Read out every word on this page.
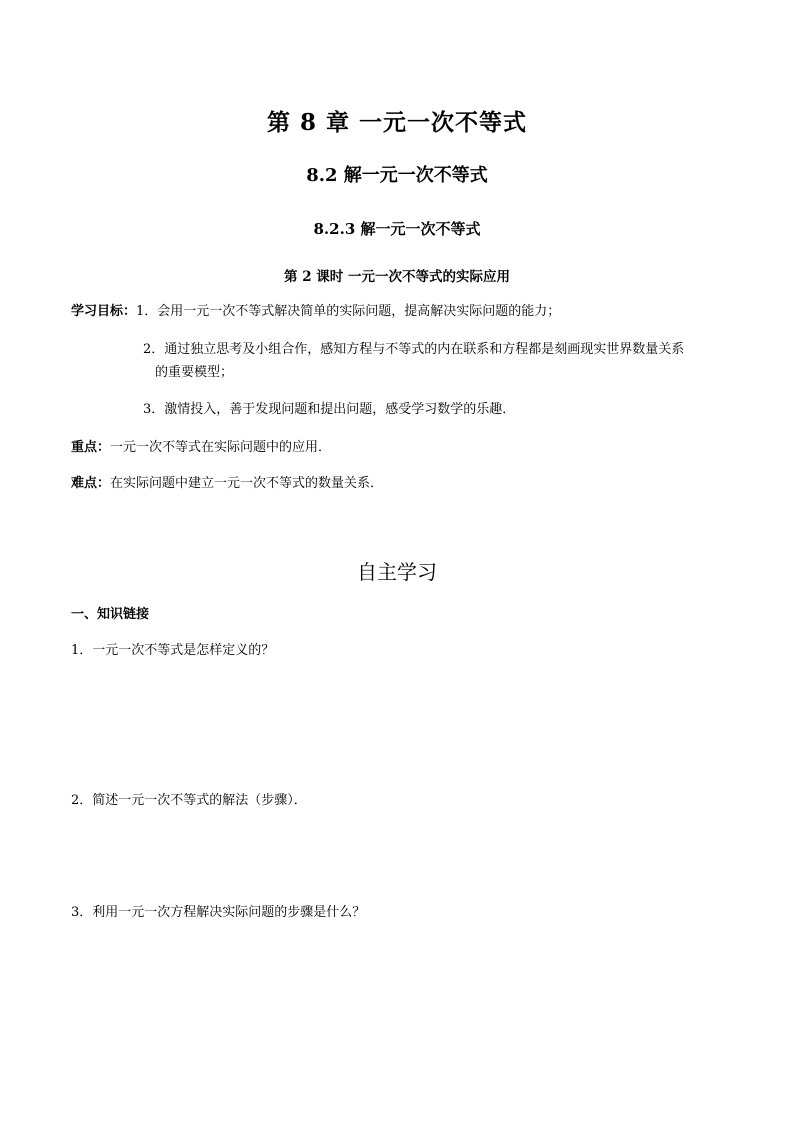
第 8 章 一元一次不等式
8.2 解一元一次不等式
8.2.3 解一元一次不等式
第 2 课时 一元一次不等式的实际应用
学习目标：1．会用一元一次不等式解决简单的实际问题，提高解决实际问题的能力；
2．通过独立思考及小组合作，感知方程与不等式的内在联系和方程都是刻画现实世界数量关系
的重要模型；
3．激情投入，善于发现问题和提出问题，感受学习数学的乐趣．
重点：一元一次不等式在实际问题中的应用．
难点：在实际问题中建立一元一次不等式的数量关系．
自主学习
一、知识链接
1．一元一次不等式是怎样定义的？
2．简述一元一次不等式的解法（步骤）．
3．利用一元一次方程解决实际问题的步骤是什么？
